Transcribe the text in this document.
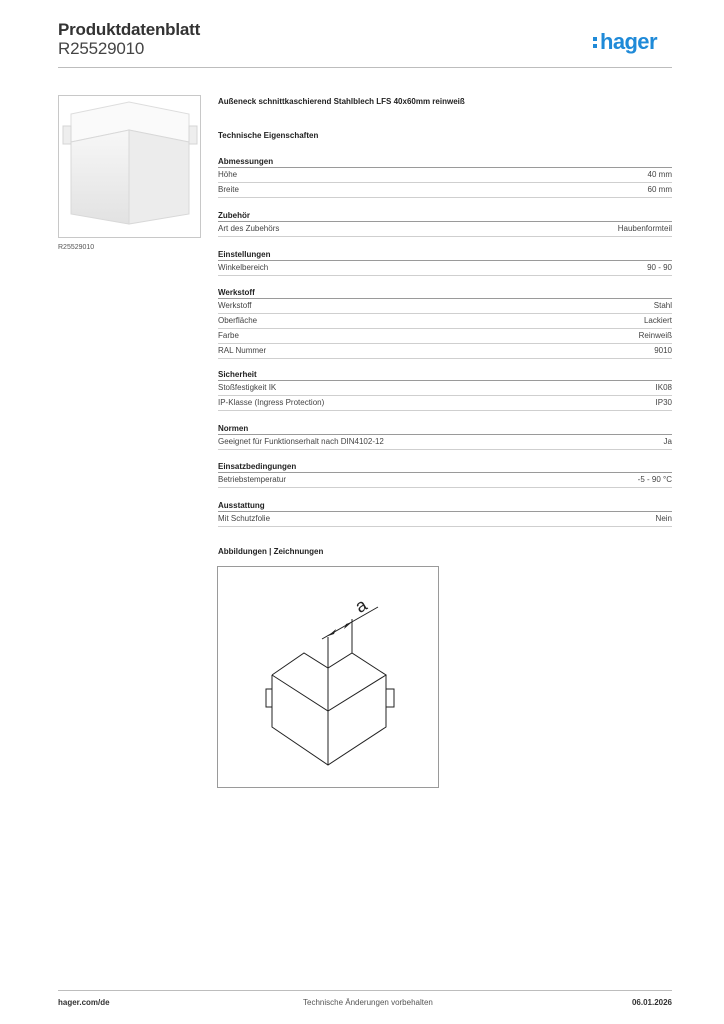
Produktdatenblatt
R25529010	hager
R25529010
Außeneck schnittkaschierend Stahlblech LFS 40x60mm reinweiß
Technische Eigenschaften
Abmessungen
Höhe	40 mm
Breite	60 mm
Zubehör
Art des Zubehörs	Haubenformteil
Einstellungen
Winkelbereich	90 - 90
Werkstoff
Werkstoff	Stahl
Oberfläche	Lackiert
Farbe	Reinweiß
RAL Nummer	9010
Sicherheit
Stoßfestigkeit IK	IK08
IP-Klasse (Ingress Protection)	IP30
Normen
Geeignet für Funktionserhalt nach DIN4102-12	Ja
Einsatzbedingungen
Betriebstemperatur	-5 - 90 °C
Ausstattung
Mit Schutzfolie	Nein
Abbildungen | Zeichnungen
a
hager.com/de	Technische Änderungen vorbehalten	06.01.2026
